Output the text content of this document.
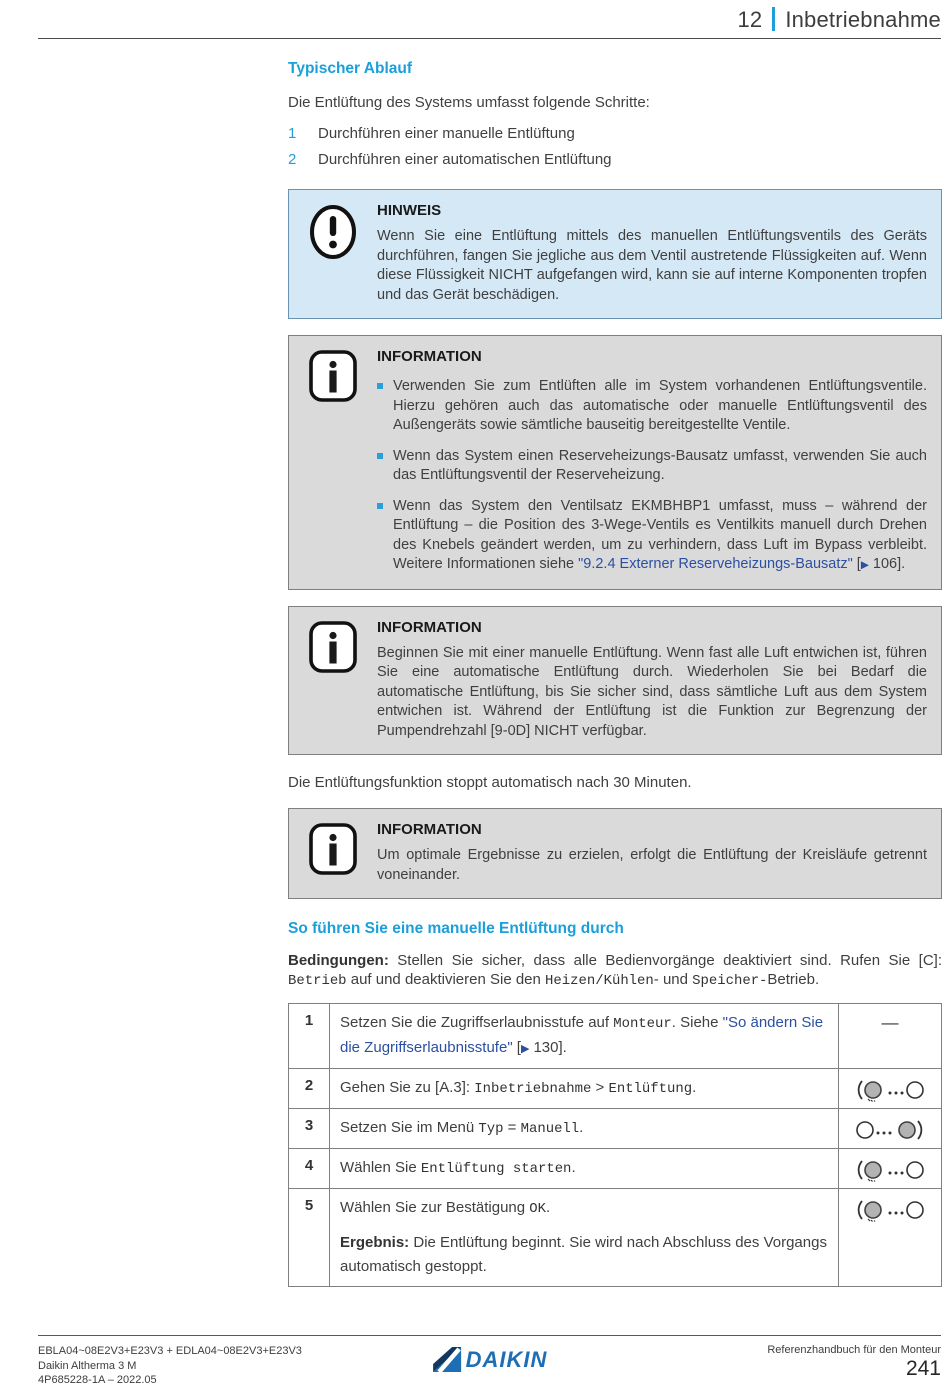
12 Inbetriebnahme
Typischer Ablauf

Die Entlüftung des Systems umfasst folgende Schritte:

1	Durchführen einer manuelle Entlüftung
2	Durchführen einer automatischen Entlüftung
HINWEIS

Wenn Sie eine Entlüftung mittels des manuellen Entlüftungsventils des Geräts durchführen, fangen Sie jegliche aus dem Ventil austretende Flüssigkeiten auf. Wenn diese Flüssigkeit NICHT aufgefangen wird, kann sie auf interne Komponenten tropfen und das Gerät beschädigen.

INFORMATION

Verwenden Sie zum Entlüften alle im System vorhandenen Entlüftungsventile. Hierzu gehören auch das automatische oder manuelle Entlüftungsventil des Außengeräts sowie sämtliche bauseitig bereitgestellte Ventile.

Wenn das System einen Reserveheizungs-Bausatz umfasst, verwenden Sie auch das Entlüftungsventil der Reserveheizung.

Wenn das System den Ventilsatz EKMBHBP1 umfasst, muss – während der Entlüftung – die Position des 3-Wege-Ventils es Ventilkits manuell durch Drehen des Knebels geändert werden, um zu verhindern, dass Luft im Bypass verbleibt. Weitere Informationen siehe "9.2.4 Externer Reserveheizungs-Bausatz" [▶ 106].

INFORMATION

Beginnen Sie mit einer manuelle Entlüftung. Wenn fast alle Luft entwichen ist, führen Sie eine automatische Entlüftung durch. Wiederholen Sie bei Bedarf die automatische Entlüftung, bis Sie sicher sind, dass sämtliche Luft aus dem System entwichen ist. Während der Entlüftung ist die Funktion zur Begrenzung der Pumpendrehzahl [9-0D] NICHT verfügbar.

Die Entlüftungsfunktion stoppt automatisch nach 30 Minuten.

INFORMATION

Um optimale Ergebnisse zu erzielen, erfolgt die Entlüftung der Kreisläufe getrennt voneinander.

So führen Sie eine manuelle Entlüftung durch

Bedingungen: Stellen Sie sicher, dass alle Bedienvorgänge deaktiviert sind. Rufen Sie [C]: Betrieb auf und deaktivieren Sie den Heizen/Kühlen- und Speicher-Betrieb.

1	Setzen Sie die Zugriffserlaubnisstufe auf Monteur. Siehe "So ändern Sie die Zugriffserlaubnisstufe" [▶ 130].	—
2	Gehen Sie zu [A.3]: Inbetriebnahme > Entlüftung.

3	Setzen Sie im Menü Typ = Manuell.

4	Wählen Sie Entlüftung starten.

5	Wählen Sie zur Bestätigung OK.

Ergebnis: Die Entlüftung beginnt. Sie wird nach Abschluss des Vorgangs automatisch gestoppt.

EBLA04~08E2V3+E23V3 + EDLA04~08E2V3+E23V3
Daikin Altherma 3 M
4P685228-1A – 2022.05
DAIKIN	Referenzhandbuch für den Monteur
241
